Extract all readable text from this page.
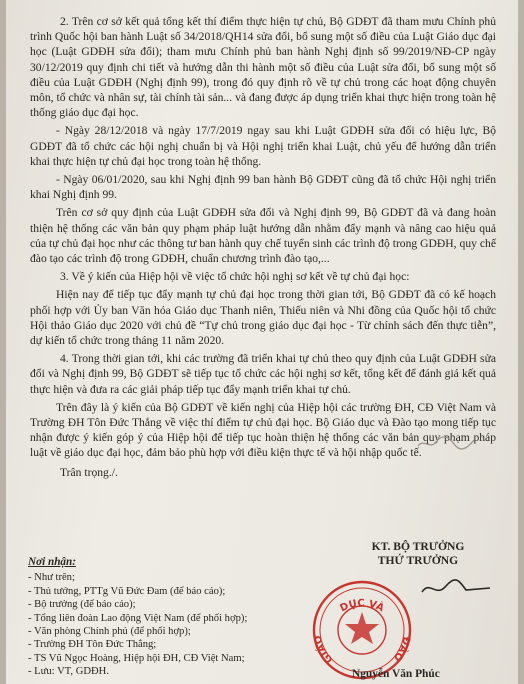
2. Trên cơ sở kết quả tổng kết thí điểm thực hiện tự chủ, Bộ GDĐT đã tham mưu Chính phủ trình Quốc hội ban hành Luật số 34/2018/QH14 sửa đổi, bổ sung một số điều của Luật Giáo dục đại học (Luật GDĐH sửa đổi); tham mưu Chính phủ ban hành Nghị định số 99/2019/NĐ-CP ngày 30/12/2019 quy định chi tiết và hướng dẫn thi hành một số điều của Luật sửa đổi, bổ sung một số điều của Luật GDĐH (Nghị định 99), trong đó quy định rõ về tự chủ trong các hoạt động chuyên môn, tổ chức và nhân sự, tài chính tài sản... và đang được áp dụng triển khai thực hiện trong toàn hệ thống giáo dục đại học.

- Ngày 28/12/2018 và ngày 17/7/2019 ngay sau khi Luật GDĐH sửa đổi có hiệu lực, Bộ GDĐT đã tổ chức các hội nghị chuẩn bị và Hội nghị triển khai Luật, chủ yếu để hướng dẫn triển khai thực hiện tự chủ đại học trong toàn hệ thống.

- Ngày 06/01/2020, sau khi Nghị định 99 ban hành Bộ GDĐT cũng đã tổ chức Hội nghị triển khai Nghị định 99.

Trên cơ sở quy định của Luật GDĐH sửa đổi và Nghị định 99, Bộ GDĐT đã và đang hoàn thiện hệ thống các văn bản quy phạm pháp luật hướng dẫn nhằm đẩy mạnh và nâng cao hiệu quả của tự chủ đại học như các thông tư ban hành quy chế tuyển sinh các trình độ trong GDĐH, quy chế đào tạo các trình độ trong GDĐH, chuẩn chương trình đào tạo,...

3. Về ý kiến của Hiệp hội về việc tổ chức hội nghị sơ kết về tự chủ đại học:

Hiện nay để tiếp tục đẩy mạnh tự chủ đại học trong thời gian tới, Bộ GDĐT đã có kế hoạch phối hợp với Ủy ban Văn hóa Giáo dục Thanh niên, Thiếu niên và Nhi đồng của Quốc hội tổ chức Hội thảo Giáo dục 2020 với chủ đề “Tự chủ trong giáo dục đại học - Từ chính sách đến thực tiễn”, dự kiến tổ chức trong tháng 11 năm 2020.

4. Trong thời gian tới, khi các trường đã triển khai tự chủ theo quy định của Luật GDĐH sửa đổi và Nghị định 99, Bộ GDĐT sẽ tiếp tục tổ chức các hội nghị sơ kết, tổng kết để đánh giá kết quả thực hiện và đưa ra các giải pháp tiếp tục đẩy mạnh triển khai tự chủ.

Trên đây là ý kiến của Bộ GDĐT về kiến nghị của Hiệp hội các trường ĐH, CĐ Việt Nam và Trường ĐH Tôn Đức Thắng về việc thí điểm tự chủ đại học. Bộ Giáo dục và Đào tạo mong tiếp tục nhận được ý kiến góp ý của Hiệp hội để tiếp tục hoàn thiện hệ thống các văn bản quy phạm pháp luật về giáo dục đại học, đảm bảo phù hợp với điều kiện thực tế và hội nhập quốc tế.

Trân trọng./.

Nơi nhận:

- Như trên;

- Thủ tướng, PTTg Vũ Đức Đam (để báo cáo);

- Bộ trưởng (để báo cáo);

- Tổng liên đoàn Lao động Việt Nam (để phối hợp);

- Văn phòng Chính phủ (để phối hợp);

- Trường ĐH Tôn Đức Thắng;

- TS Vũ Ngọc Hoàng, Hiệp hội ĐH, CĐ Việt Nam;

- Lưu: VT, GDĐH.

KT. BỘ TRƯỞNG
THỨ TRƯỞNG
DỤC VÀ
GIÁO	ĐÀO
Nguyễn Văn Phúc
